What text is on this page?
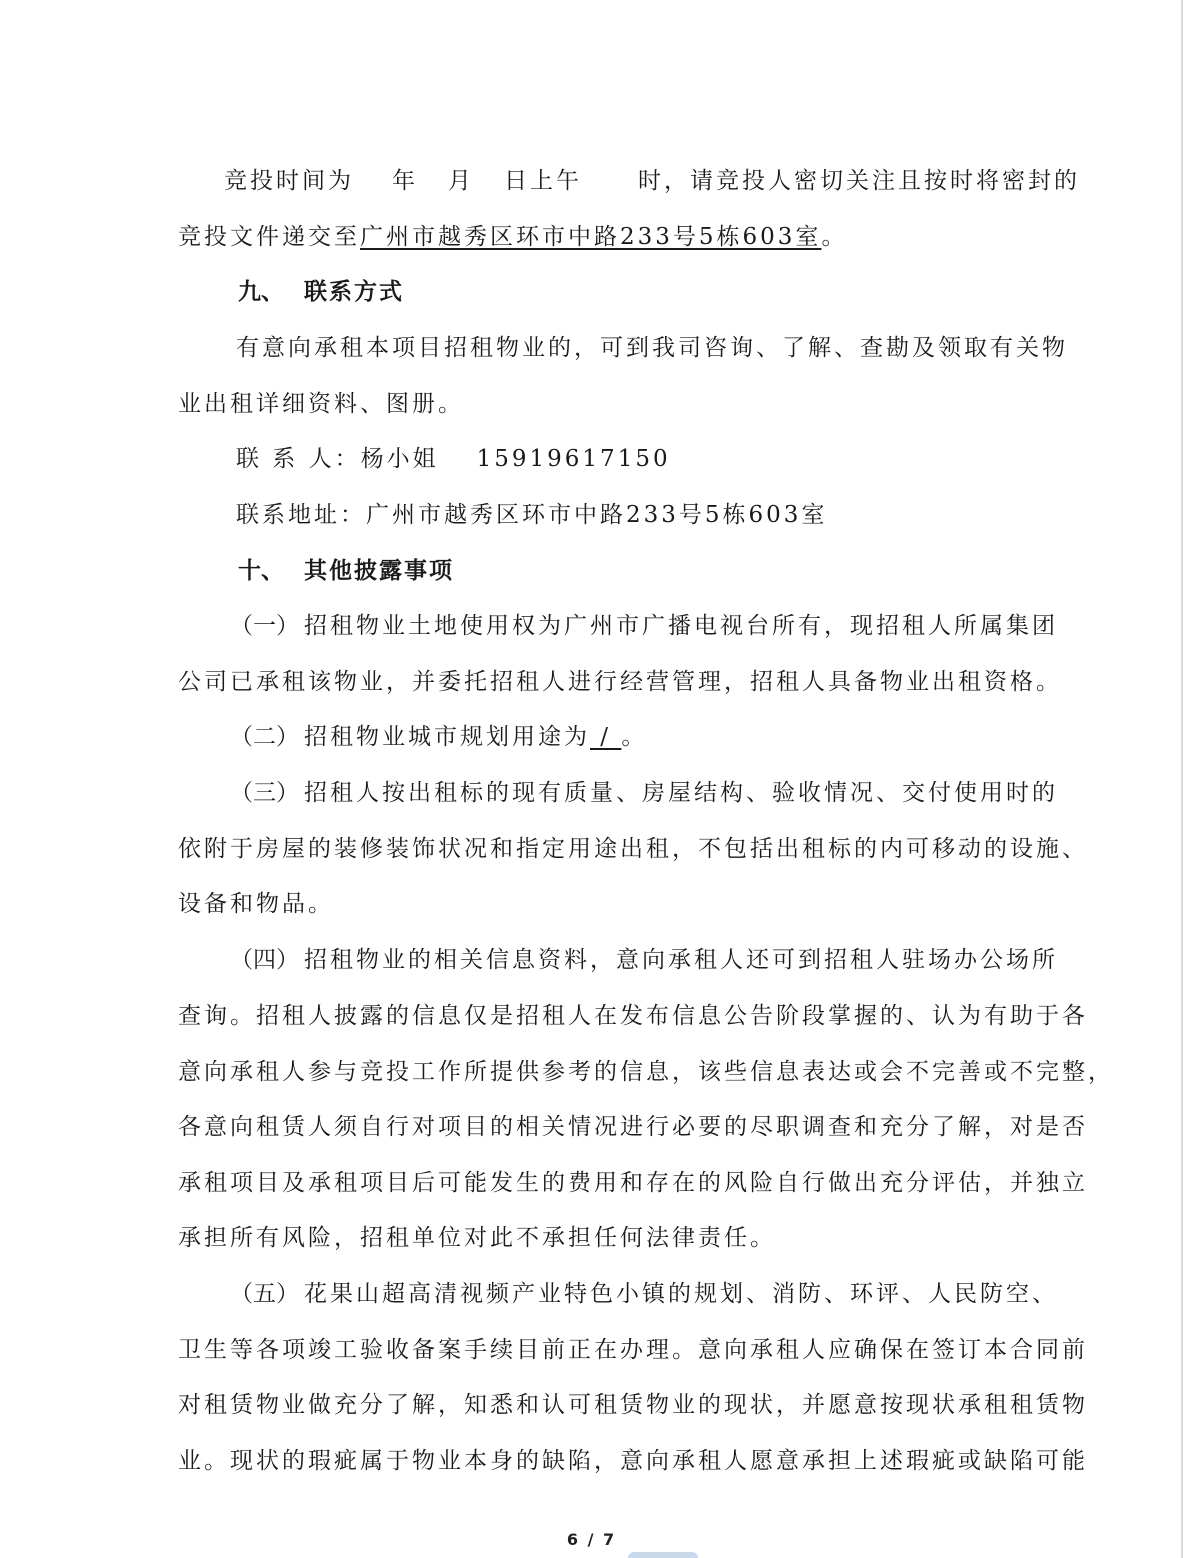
竞投时间为 年 月 日上午 时，请竞投人密切关注且按时将密封的
竞投文件递交至广州市越秀区环市中路233号5栋603室。
九、 联系方式
有意向承租本项目招租物业的，可到我司咨询、了解、查勘及领取有关物
业出租详细资料、图册。
联 系 人：杨小姐 15919617150
联系地址：广州市越秀区环市中路233号5栋603室
十、 其他披露事项
（一） 招租物业土地使用权为广州市广播电视台所有，现招租人所属集团
公司已承租该物业，并委托招租人进行经营管理，招租人具备物业出租资格。
（二） 招租物业城市规划用途为 / 。
（三） 招租人按出租标的现有质量、房屋结构、验收情况、交付使用时的
依附于房屋的装修装饰状况和指定用途出租，不包括出租标的内可移动的设施、
设备和物品。
（四） 招租物业的相关信息资料，意向承租人还可到招租人驻场办公场所
查询。招租人披露的信息仅是招租人在发布信息公告阶段掌握的、认为有助于各
意向承租人参与竞投工作所提供参考的信息，该些信息表达或会不完善或不完整，
各意向租赁人须自行对项目的相关情况进行必要的尽职调查和充分了解，对是否
承租项目及承租项目后可能发生的费用和存在的风险自行做出充分评估，并独立
承担所有风险，招租单位对此不承担任何法律责任。
（五） 花果山超高清视频产业特色小镇的规划、消防、环评、人民防空、
卫生等各项竣工验收备案手续目前正在办理。意向承租人应确保在签订本合同前
对租赁物业做充分了解，知悉和认可租赁物业的现状，并愿意按现状承租租赁物
业。现状的瑕疵属于物业本身的缺陷，意向承租人愿意承担上述瑕疵或缺陷可能
6 / 7
